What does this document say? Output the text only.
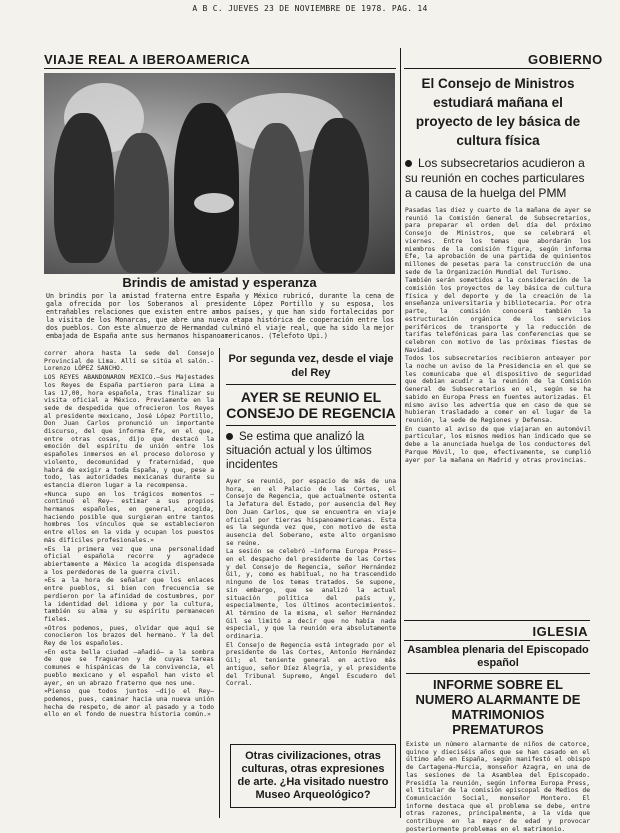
A B C. JUEVES 23 DE NOVIEMBRE DE 1978. PAG. 14
VIAJE REAL A IBEROAMERICA	GOBIERNO
Brindis de amistad y esperanza
Un brindis por la amistad fraterna entre España y México rubricó, durante la cena de gala ofrecida por los Soberanos al presidente López Portillo y su esposa, los entrañables relaciones que existen entre ambos países, y que han sido fortalecidas por la visita de los Monarcas, que abre una nueva etapa histórica de cooperación entre los dos pueblos. Con este almuerzo de Hermandad culminó el viaje real, que ha sido la mejor embajada de España ante sus hermanos hispanoamericanos. (Telefoto Upi.)

correr ahora hasta la sede del Consejo Provincial de Lima. Allí se sitúa el salón.- Lorenzo LÓPEZ SANCHO.

LOS REYES ABANDONARON MEXICO.—Sus Majestades los Reyes de España partieron para Lima a las 17,00, hora española, tras finalizar su visita oficial a México. Previamente en la sede de despedida que ofrecieron los Reyes al presidente mexicano, José López Portillo, Don Juan Carlos pronunció un importante discurso, del que informa Efe, en el que, entre otras cosas, dijo que destacó la emoción del espíritu de unión entre los españoles inmersos en el proceso doloroso y violento, decomunidad y fraternidad, que habrá de exigir a toda España, y que, pese a todo, las autoridades mexicanas durante su estancia dieron lugar a la recompensa.

«Nunca supo en los trágicos momentos —continuó el Rey— estimar a sus propios hermanos españoles, en general, acogida, haciendo posible que surgieran entre tantos hombres los vínculos que se establecieron entre ellos en la vida y ocupan los puestos más difíciles profesionales.»

«Es la primera vez que una personalidad oficial española recorre y agradece abiertamente a México la acogida dispensada a los perdedores de la guerra civil.

»Es a la hora de señalar que los enlaces entre pueblos, si bien con frecuencia se perdieron por la afinidad de costumbres, por la identidad del idioma y por la cultura, también su alma y su espíritu permanecen fieles.

»Otros podemos, pues, olvidar que aquí se conocieron los brazos del hermano. Y la del Rey de los españoles.

»En esta bella ciudad —añadió— a la sombra de que se fraguaron y de cuyas tareas comunes e hispánicas de la convivencia, el pueblo mexicano y el español han visto el ayer, en un abrazo fraterno que nos une.

»Pienso que todos juntos —dijo el Rey— podemos, pues, caminar hacia una nueva unión hecha de respeto, de amor al pasado y a todo ello en el fondo de nuestra historia común.»

Por segunda vez, desde el viaje del Rey
AYER SE REUNIO EL CONSEJO DE REGENCIA
Se estima que analizó la situación actual y los últimos incidentes

Ayer se reunió, por espacio de más de una hora, en el Palacio de las Cortes, el Consejo de Regencia, que actualmente ostenta la Jefatura del Estado, por ausencia del Rey Don Juan Carlos, que se encuentra en viaje oficial por tierras hispanoamericanas. Esta es la segunda vez que, con motivo de esta ausencia del Soberano, este alto organismo se reúne.

La sesión se celebró —informa Europa Press— en el despacho del presidente de las Cortes y del Consejo de Regencia, señor Hernández Gil, y, como es habitual, no ha trascendido ninguno de los temas tratados. Se supone, sin embargo, que se analizó la actual situación política del país y, especialmente, los últimos acontecimientos. Al término de la misma, el señor Hernández Gil se limitó a decir que no había nada especial, y que la reunión era absolutamente ordinaria.

El Consejo de Regencia está integrado por el presidente de las Cortes, Antonio Hernández Gil; el teniente general en activo más antiguo, señor Díez Alegría, y el presidente del Tribunal Supremo, Angel Escudero del Corral.

Otras civilizaciones, otras culturas, otras expresiones de arte. ¿Ha visitado nuestro Museo Arqueológico?
El Consejo de Ministros estudiará mañana el proyecto de ley básica de cultura física
Los subsecretarios acudieron a su reunión en coches particulares a causa de la huelga del PMM

Pasadas las diez y cuarto de la mañana de ayer se reunió la Comisión General de Subsecretarios, para preparar el orden del día del próximo Consejo de Ministros, que se celebrará el viernes. Entre los temas que abordarán los miembros de la comisión figura, según informa Efe, la aprobación de una partida de quinientos millones de pesetas para la construcción de una sede de la Organización Mundial del Turismo.

También serán sometidos a la consideración de la comisión los proyectos de ley básica de cultura física y del deporte y de la creación de la enseñanza universitaria y bibliotecaria. Por otra parte, la comisión conocerá también la estructuración orgánica de los servicios periféricos de transporte y la reducción de tarifas telefónicas para las conferencias que se celebren con motivo de las próximas fiestas de Navidad.

Todos los subsecretarios recibieron anteayer por la noche un aviso de la Presidencia en el que se les comunicaba que el dispositivo de seguridad que debían acudir a la reunión de la Comisión General de Subsecretarios en el, según se ha sabido en Europa Press en fuentes autorizadas. El mismo aviso les advertía que en caso de que se hubieran trasladado a comer en el lugar de la reunión, la sede de Regiones y Defensa.

En cuanto al aviso de que viajaran en automóvil particular, los mismos medios han indicado que se debe a la anunciada huelga de los conductores del Parque Móvil, lo que, efectivamente, se cumplió ayer por la mañana en Madrid y otras provincias.

IGLESIA
Asamblea plenaria del Episcopado español
INFORME SOBRE EL NUMERO ALARMANTE DE MATRIMONIOS PREMATUROS

Existe un número alarmante de niños de catorce, quince y dieciséis años que se han casado en el último año en España, según manifestó el obispo de Cartagena-Murcia, monseñor Azagra, en una de las sesiones de la Asamblea del Episcopado. Presidía la reunión, según informa Europa Press, el titular de la comisión episcopal de Medios de Comunicación Social, monseñor Montero. El informe destaca que el problema se debe, entre otras razones, principalmente, a la vida que contribuye en la mayor de edad y provocar posteriormente problemas en el matrimonio.
